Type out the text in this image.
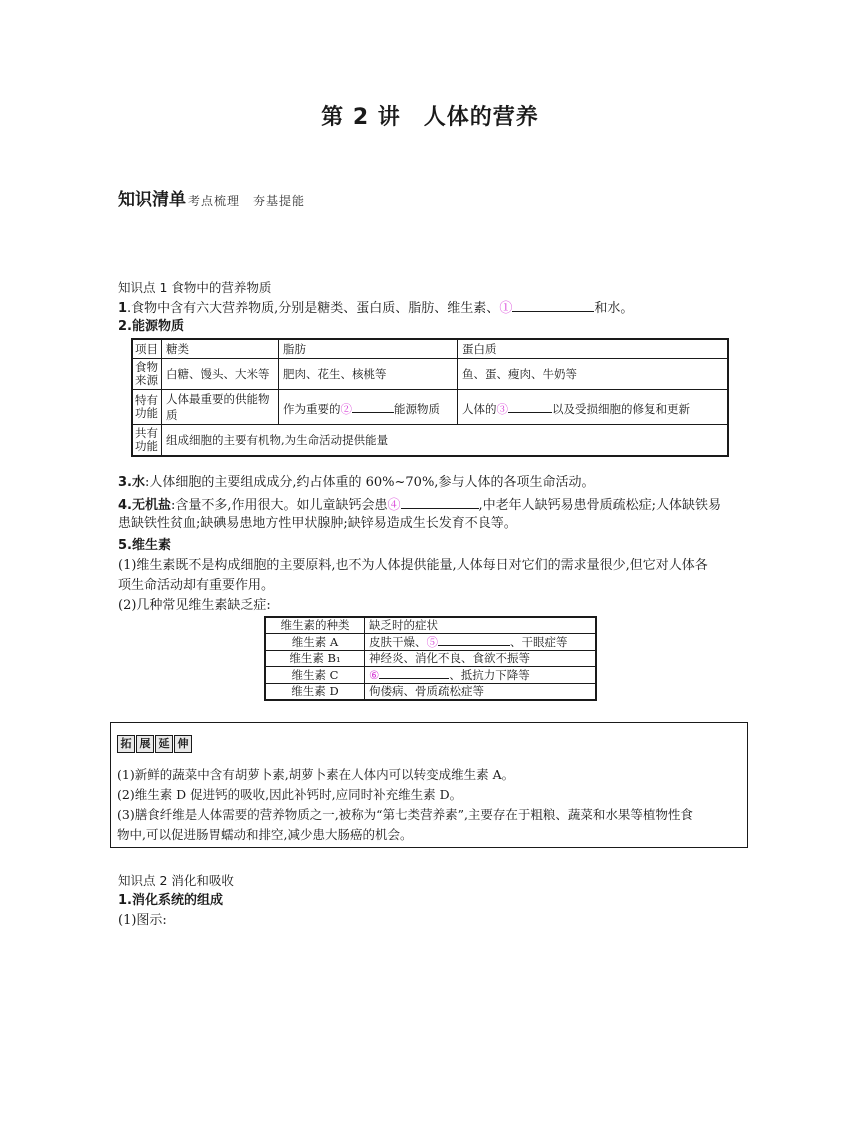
第 2 讲　人体的营养
知识清单 考点梳理　夯基提能
知识点 1 食物中的营养物质
1.食物中含有六大营养物质,分别是糖类、蛋白质、脂肪、维生素、①	和水。
2.能源物质
项目	糖类	脂肪	蛋白质
食物来源	白糖、馒头、大米等	肥肉、花生、核桃等	鱼、蛋、瘦肉、牛奶等
特有功能	人体最重要的供能物质	作为重要的② 能源物质	人体的③ 以及受损细胞的修复和更新
共有功能	组成细胞的主要有机物,为生命活动提供能量		
3.水:人体细胞的主要组成成分,约占体重的 60%~70%,参与人体的各项生命活动。
4.无机盐:含量不多,作用很大。如儿童缺钙会患④	,中老年人缺钙易患骨质疏松症;人体缺铁易
患缺铁性贫血;缺碘易患地方性甲状腺肿;缺锌易造成生长发育不良等。
5.维生素
(1)维生素既不是构成细胞的主要原料,也不为人体提供能量,人体每日对它们的需求量很少,但它对人体各
项生命活动却有重要作用。
(2)几种常见维生素缺乏症:
维生素的种类	缺乏时的症状
维生素 A	皮肤干燥、⑤ 、干眼症等
维生素 B₁	神经炎、消化不良、食欲不振等
维生素 C	⑥ 、抵抗力下降等
维生素 D	佝偻病、骨质疏松症等
拓 展 延 伸
(1)新鲜的蔬菜中含有胡萝卜素,胡萝卜素在人体内可以转变成维生素 A。
(2)维生素 D 促进钙的吸收,因此补钙时,应同时补充维生素 D。
(3)膳食纤维是人体需要的营养物质之一,被称为“第七类营养素”,主要存在于粗粮、蔬菜和水果等植物性食
物中,可以促进肠胃蠕动和排空,减少患大肠癌的机会。
知识点 2 消化和吸收
1.消化系统的组成
(1)图示:
